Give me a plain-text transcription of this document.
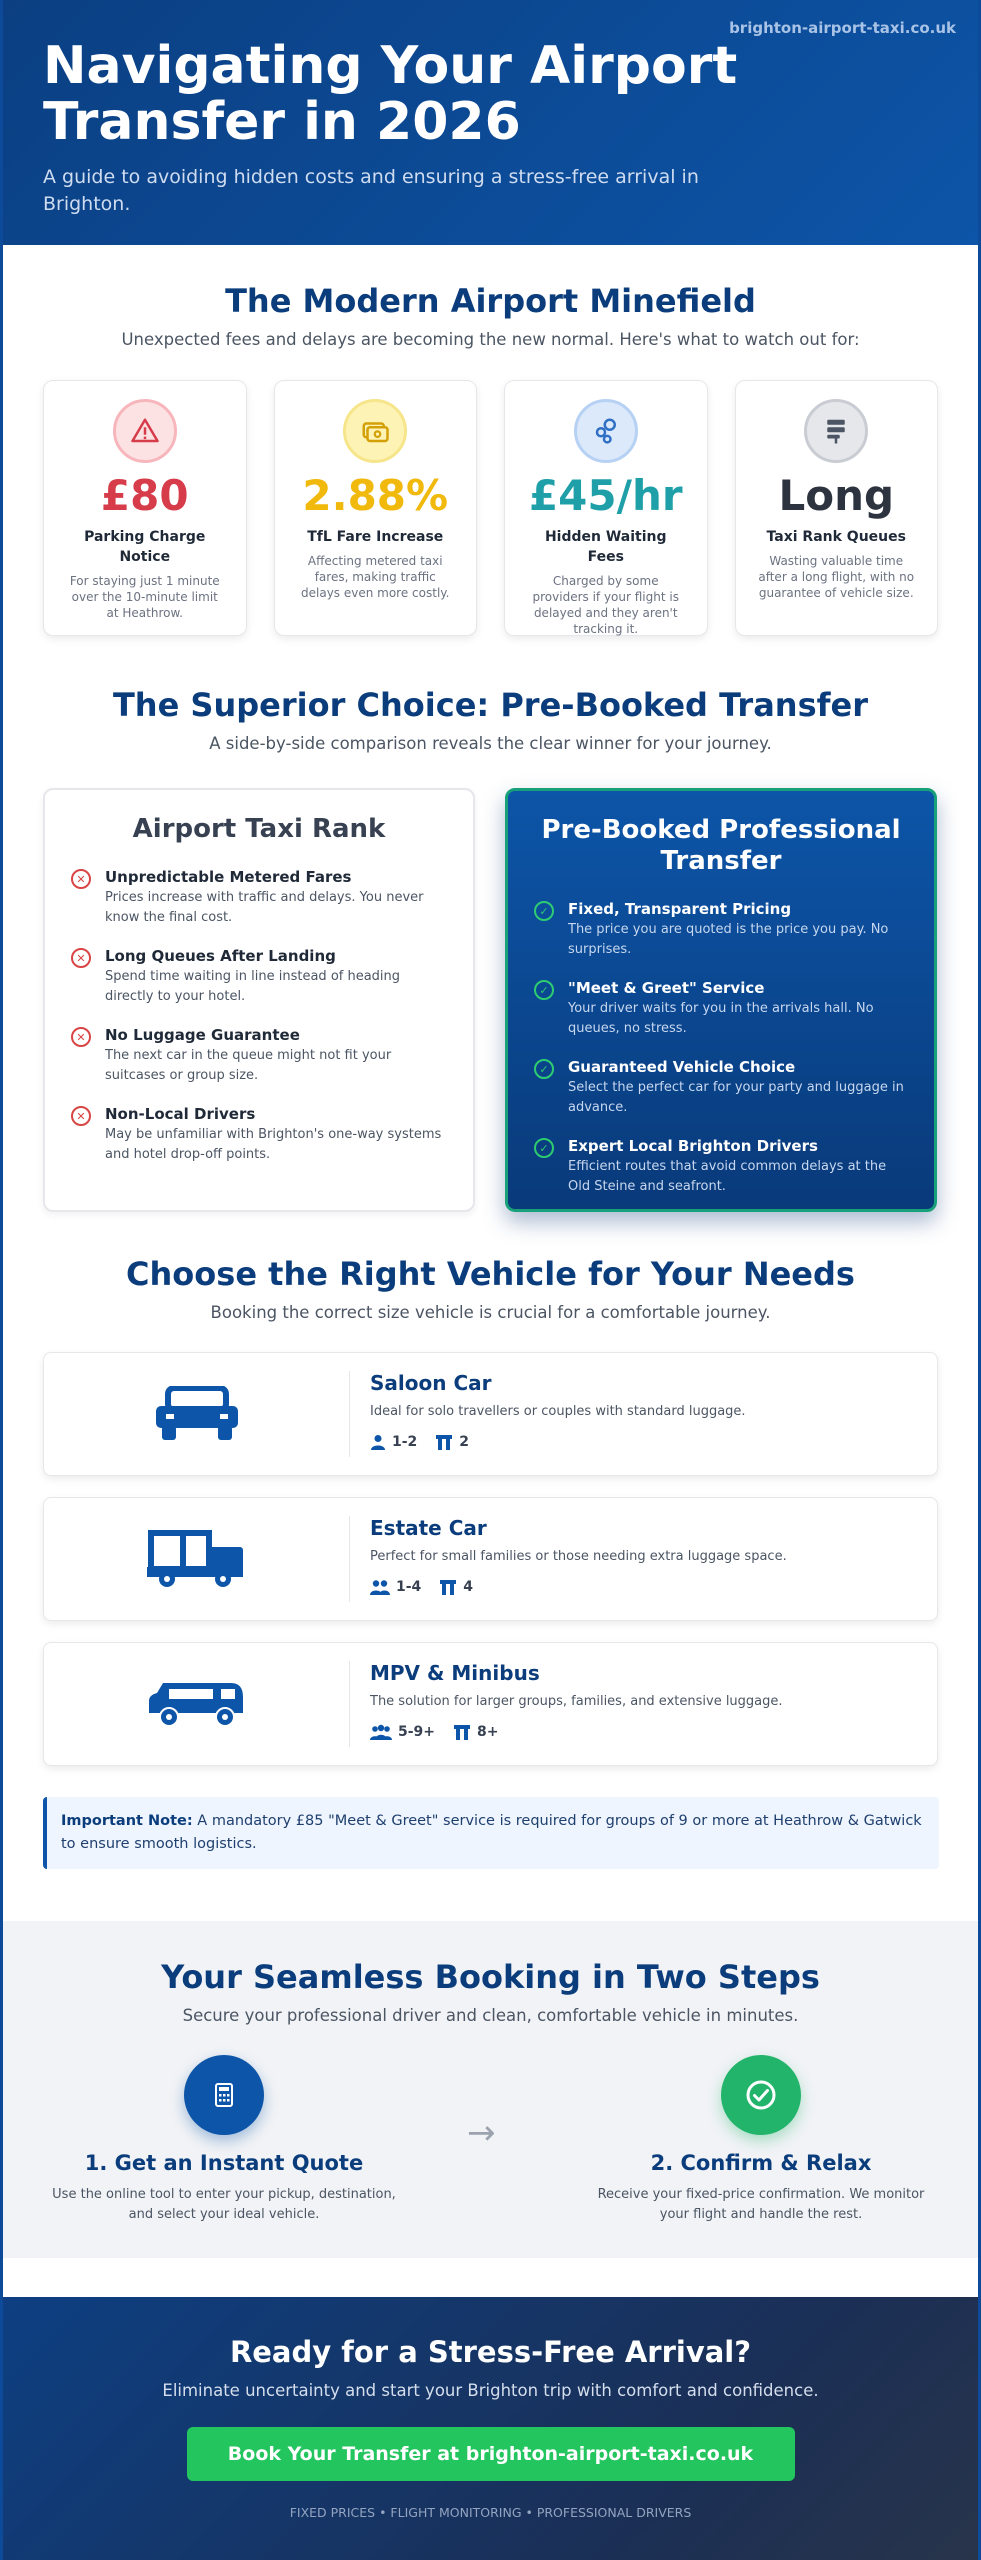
brighton-airport-taxi.co.uk
Navigating Your Airport Transfer in 2026
A guide to avoiding hidden costs and ensuring a stress-free arrival in Brighton.
The Modern Airport Minefield
Unexpected fees and delays are becoming the new normal. Here's what to watch out for:
£80
Parking Charge Notice
For staying just 1 minute over the 10-minute limit at Heathrow.
2.88%
TfL Fare Increase
Affecting metered taxi fares, making traffic delays even more costly.
£45/hr
Hidden Waiting Fees
Charged by some providers if your flight is delayed and they aren't tracking it.
Long
Taxi Rank Queues
Wasting valuable time after a long flight, with no guarantee of vehicle size.
The Superior Choice: Pre-Booked Transfer
A side-by-side comparison reveals the clear winner for your journey.
Airport Taxi Rank
✕	Unpredictable Metered Fares
Prices increase with traffic and delays. You never know the final cost.
✕	Long Queues After Landing
Spend time waiting in line instead of heading directly to your hotel.
✕	No Luggage Guarantee
The next car in the queue might not fit your suitcases or group size.
✕	Non-Local Drivers
May be unfamiliar with Brighton's one-way systems and hotel drop-off points.
Pre-Booked Professional Transfer
✓	Fixed, Transparent Pricing
The price you are quoted is the price you pay. No surprises.
✓	"Meet & Greet" Service
Your driver waits for you in the arrivals hall. No queues, no stress.
✓	Guaranteed Vehicle Choice
Select the perfect car for your party and luggage in advance.
✓	Expert Local Brighton Drivers
Efficient routes that avoid common delays at the Old Steine and seafront.
Choose the Right Vehicle for Your Needs
Booking the correct size vehicle is crucial for a comfortable journey.
Saloon Car
Ideal for solo travellers or couples with standard luggage.
1-2	2
Estate Car
Perfect for small families or those needing extra luggage space.
1-4	4
MPV & Minibus
The solution for larger groups, families, and extensive luggage.
5-9+	8+
Important Note: A mandatory £85 "Meet & Greet" service is required for groups of 9 or more at Heathrow & Gatwick to ensure smooth logistics.
Your Seamless Booking in Two Steps
Secure your professional driver and clean, comfortable vehicle in minutes.
1. Get an Instant Quote
Use the online tool to enter your pickup, destination, and select your ideal vehicle.
→
2. Confirm & Relax
Receive your fixed-price confirmation. We monitor your flight and handle the rest.
Ready for a Stress-Free Arrival?
Eliminate uncertainty and start your Brighton trip with comfort and confidence.
Book Your Transfer at brighton-airport-taxi.co.uk
FIXED PRICES • FLIGHT MONITORING • PROFESSIONAL DRIVERS
